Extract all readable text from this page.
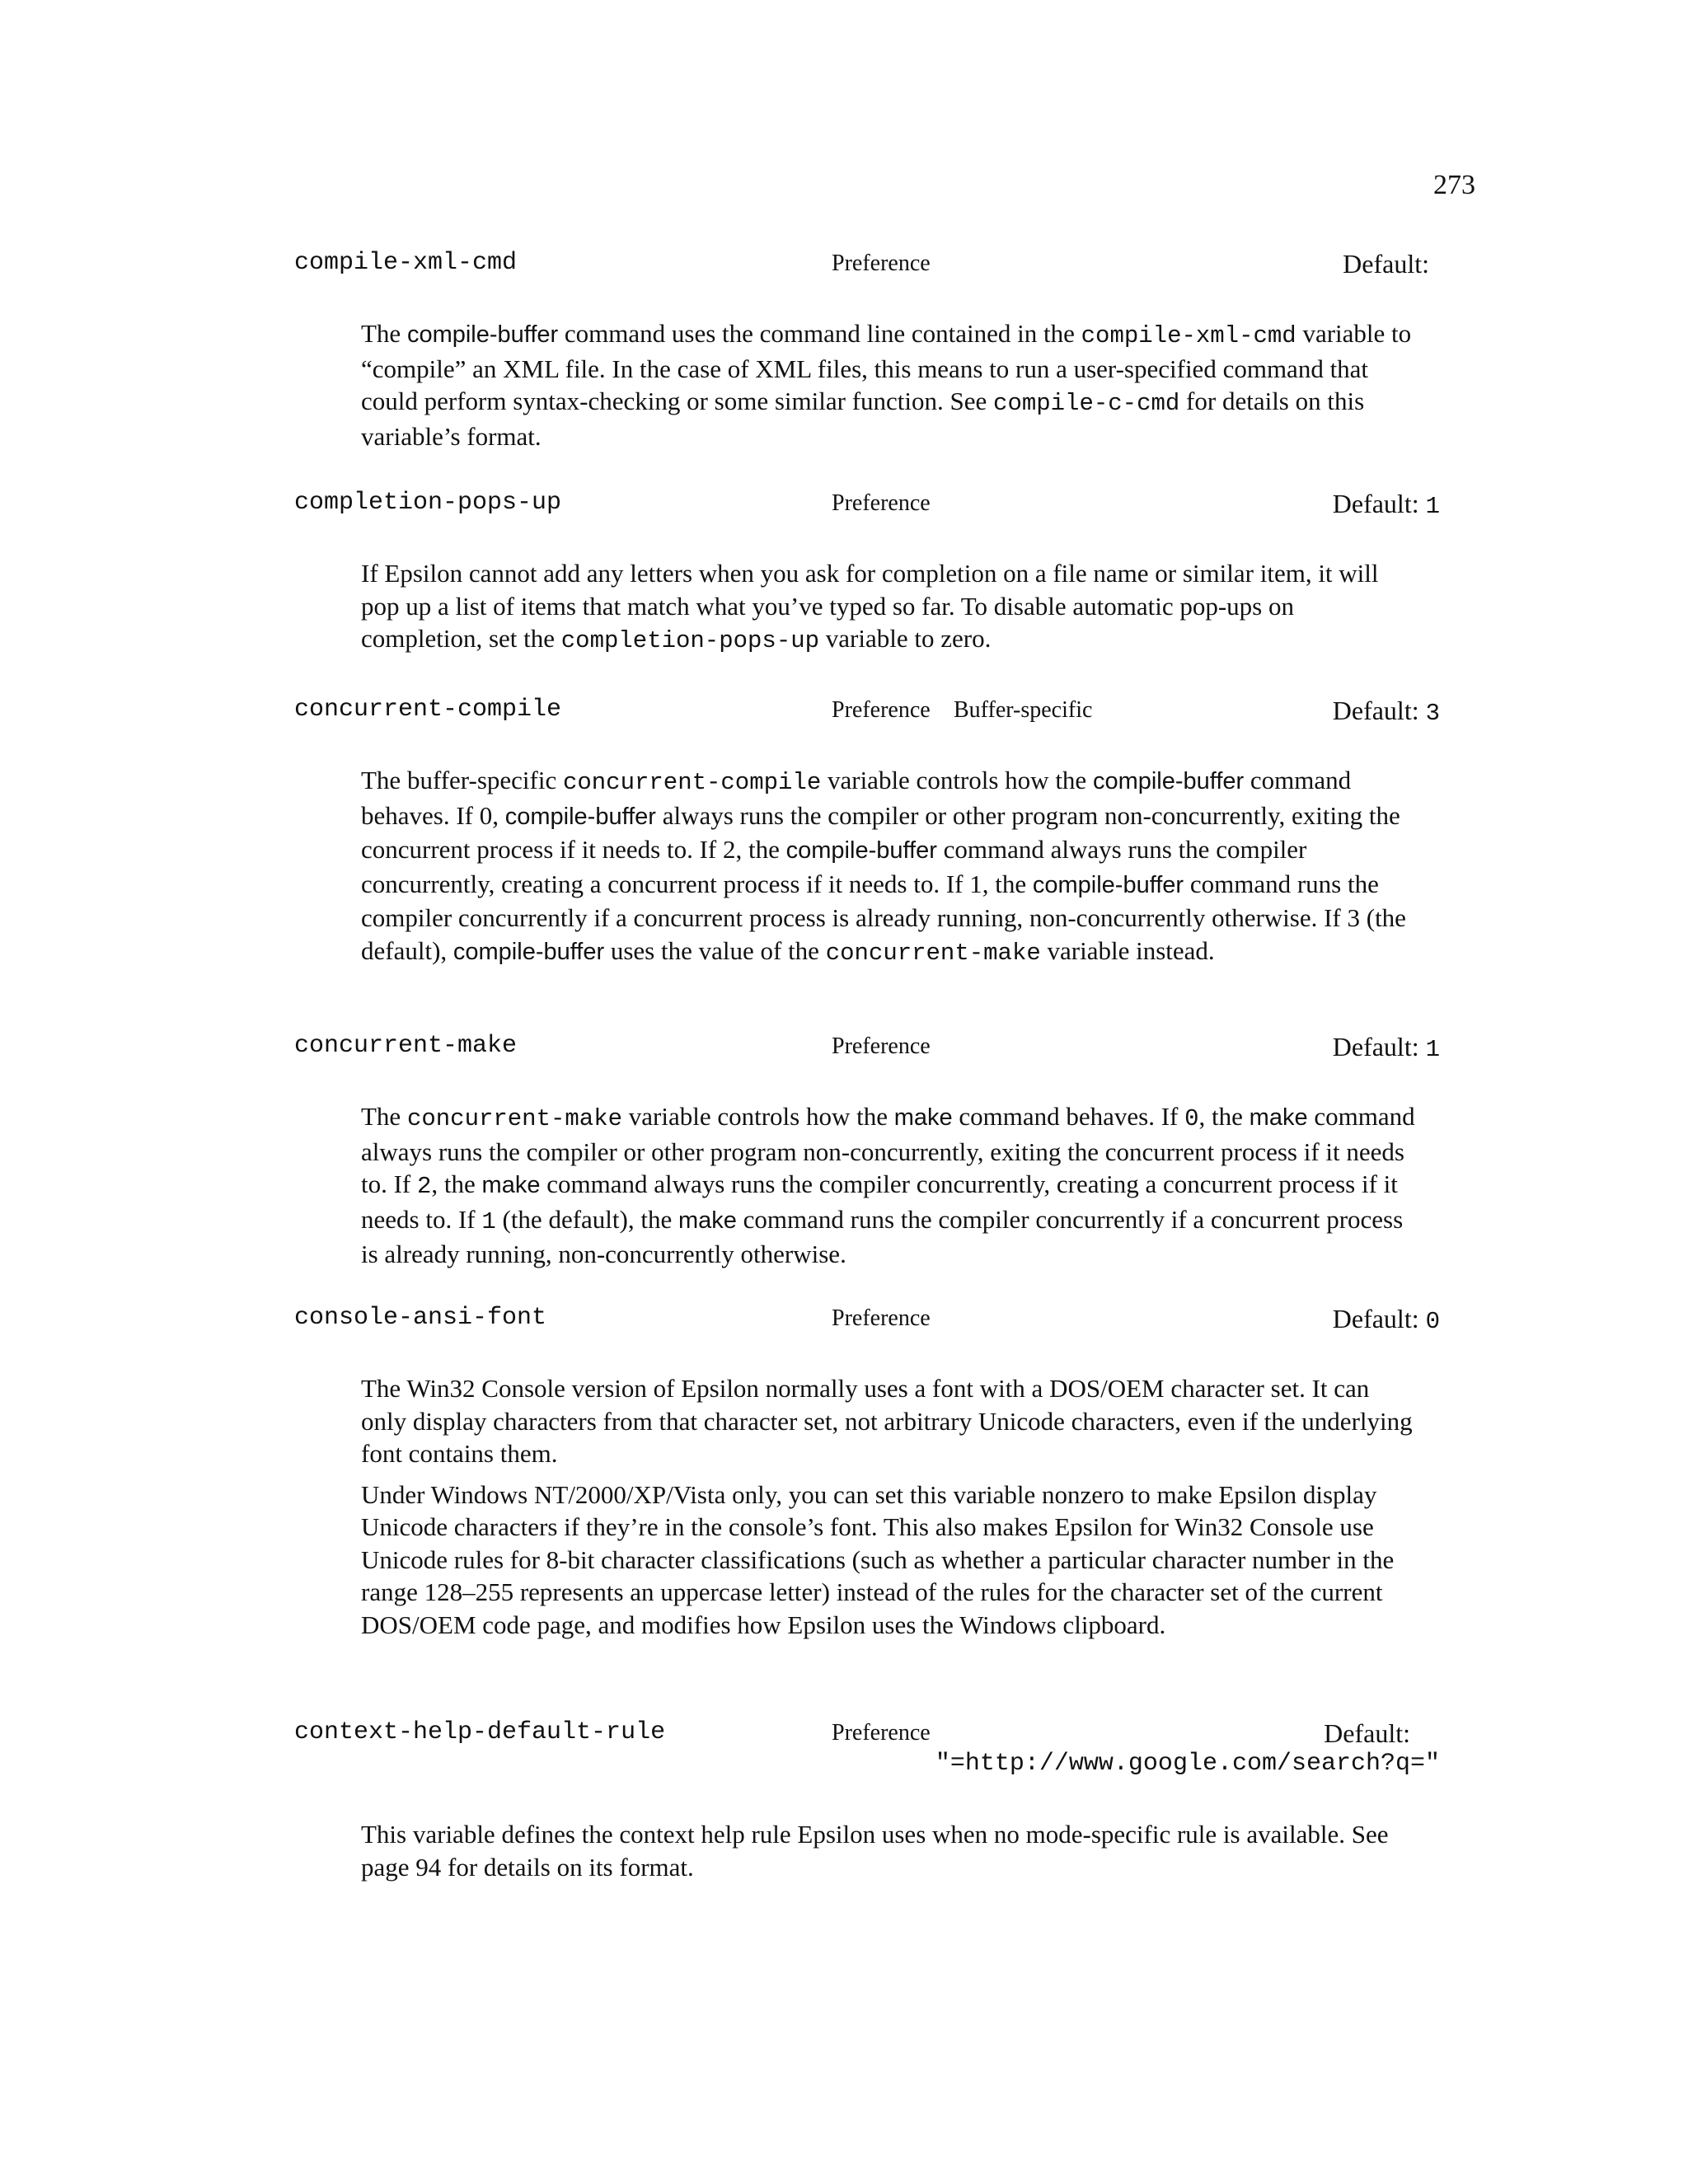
273
compile-xml-cmd	Preference	Default:

The compile-buffer command uses the command line contained in the compile-xml-cmd variable to “compile” an XML file. In the case of XML files, this means to run a user-specified command that could perform syntax-checking or some similar function. See compile-c-cmd for details on this variable’s format.

completion-pops-up	Preference	Default: 1

If Epsilon cannot add any letters when you ask for completion on a file name or similar item, it will pop up a list of items that match what you’ve typed so far. To disable automatic pop-ups on completion, set the completion-pops-up variable to zero.

concurrent-compile	Preference Buffer-specific	Default: 3

The buffer-specific concurrent-compile variable controls how the compile-buffer command behaves. If 0, compile-buffer always runs the compiler or other program non-concurrently, exiting the concurrent process if it needs to. If 2, the compile-buffer command always runs the compiler concurrently, creating a concurrent process if it needs to. If 1, the compile-buffer command runs the compiler concurrently if a concurrent process is already running, non-concurrently otherwise. If 3 (the default), compile-buffer uses the value of the concurrent-make variable instead.

concurrent-make	Preference	Default: 1

The concurrent-make variable controls how the make command behaves. If 0, the make command always runs the compiler or other program non-concurrently, exiting the concurrent process if it needs to. If 2, the make command always runs the compiler concurrently, creating a concurrent process if it needs to. If 1 (the default), the make command runs the compiler concurrently if a concurrent process is already running, non-concurrently otherwise.

console-ansi-font	Preference	Default: 0

The Win32 Console version of Epsilon normally uses a font with a DOS/OEM character set. It can only display characters from that character set, not arbitrary Unicode characters, even if the underlying font contains them.

Under Windows NT/2000/XP/Vista only, you can set this variable nonzero to make Epsilon display Unicode characters if they’re in the console’s font. This also makes Epsilon for Win32 Console use Unicode rules for 8-bit character classifications (such as whether a particular character number in the range 128–255 represents an uppercase letter) instead of the rules for the character set of the current DOS/OEM code page, and modifies how Epsilon uses the Windows clipboard.

context-help-default-rule	Preference	Default:
"=http://www.google.com/search?q="

This variable defines the context help rule Epsilon uses when no mode-specific rule is available. See page 94 for details on its format.
